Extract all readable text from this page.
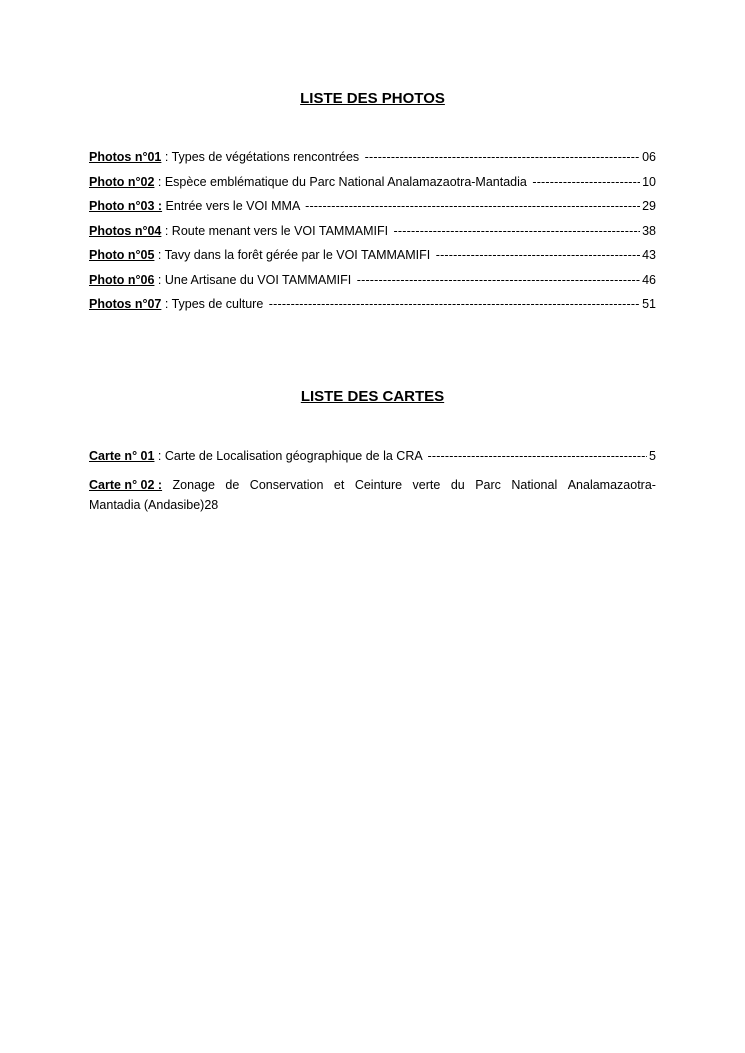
LISTE DES PHOTOS
Photos n°01 : Types de végétations rencontrées -----	06
Photo n°02 : Espèce emblématique du Parc National Analamazaotra-Mantadia -----	10
Photo n°03 : Entrée vers le VOI MMA -----	29
Photos n°04 : Route menant vers le VOI TAMMAMIFI -----	38
Photo n°05 : Tavy dans la forêt gérée par le VOI TAMMAMIFI -----	43
Photo n°06 : Une Artisane du VOI TAMMAMIFI -----	46
Photos n°07 : Types de culture -----	51
LISTE DES CARTES
Carte n° 01 : Carte de Localisation géographique de la CRA -----	5
Carte n° 02 : Zonage de Conservation et Ceinture verte du Parc National Analamazaotra-
Mantadia (Andasibe) 28
